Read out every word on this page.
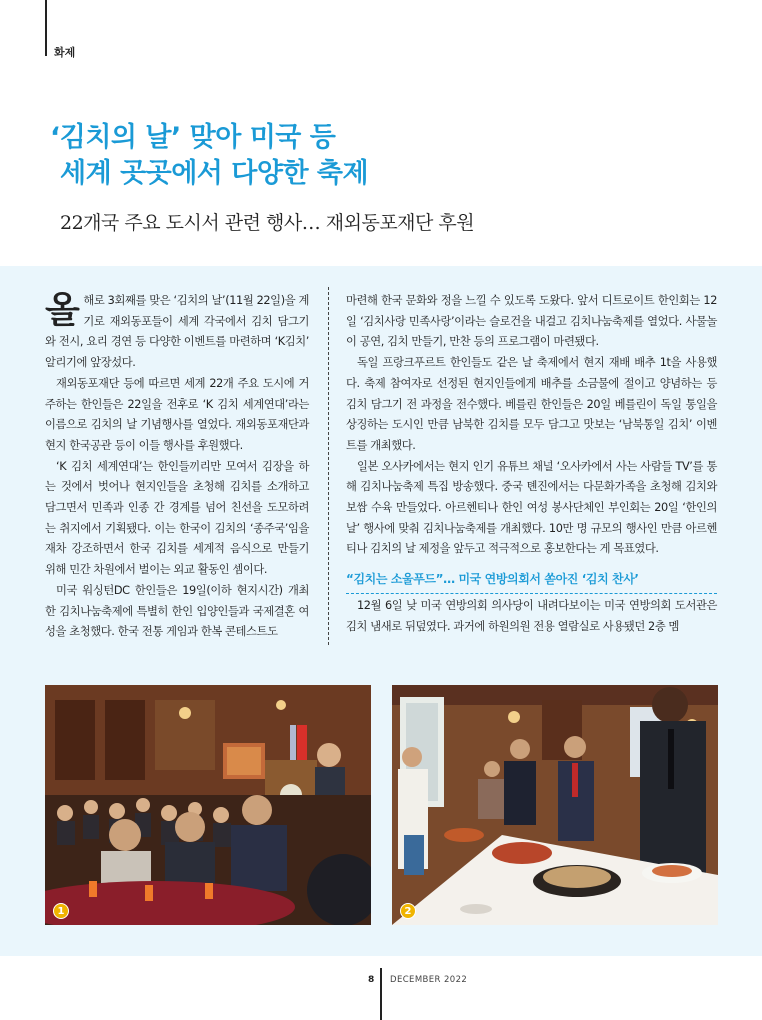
화제
‘김치의 날’ 맞아 미국 등
세계 곳곳에서 다양한 축제
22개국 주요 도시서 관련 행사… 재외동포재단 후원

올해로 3회째를 맞은 ‘김치의 날’(11월 22일)을 계기로 재외동포들이 세계 각국에서 김치 담그기와 전시, 요리 경연 등 다양한 이벤트를 마련하며 ‘K김치’ 알리기에 앞장섰다.

재외동포재단 등에 따르면 세계 22개 주요 도시에 거주하는 한인들은 22일을 전후로 ‘K 김치 세계연대’라는 이름으로 김치의 날 기념행사를 열었다. 재외동포재단과 현지 한국공관 등이 이들 행사를 후원했다.

‘K 김치 세계연대’는 한인들끼리만 모여서 김장을 하는 것에서 벗어나 현지인들을 초청해 김치를 소개하고 담그면서 민족과 인종 간 경계를 넘어 친선을 도모하려는 취지에서 기획됐다. 이는 한국이 김치의 ‘종주국’임을 재차 강조하면서 한국 김치를 세계적 음식으로 만들기 위해 민간 차원에서 벌이는 외교 활동인 셈이다.

미국 워싱턴DC 한인들은 19일(이하 현지시간) 개최한 김치나눔축제에 특별히 한인 입양인들과 국제결혼 여성을 초청했다. 한국 전통 게임과 한복 콘테스트도

마련해 한국 문화와 정을 느낄 수 있도록 도왔다. 앞서 디트로이트 한인회는 12일 ‘김치사랑 민족사랑’이라는 슬로건을 내걸고 김치나눔축제를 열었다. 사물놀이 공연, 김치 만들기, 만찬 등의 프로그램이 마련됐다.

독일 프랑크푸르트 한인들도 같은 날 축제에서 현지 재배 배추 1t을 사용했다. 축제 참여자로 선정된 현지인들에게 배추를 소금물에 절이고 양념하는 등 김치 담그기 전 과정을 전수했다. 베를린 한인들은 20일 베를린이 독일 통일을 상징하는 도시인 만큼 남북한 김치를 모두 담그고 맛보는 ‘남북통일 김치’ 이벤트를 개최했다.

일본 오사카에서는 현지 인기 유튜브 채널 ‘오사카에서 사는 사람들 TV’를 통해 김치나눔축제 특집 방송했다. 중국 톈진에서는 다문화가족을 초청해 김치와 보쌈 수육 만들었다. 아르헨티나 한인 여성 봉사단체인 부인회는 20일 ‘한인의 날’ 행사에 맞춰 김치나눔축제를 개최했다. 10만 명 규모의 행사인 만큼 아르헨티나 김치의 날 제정을 앞두고 적극적으로 홍보한다는 게 목표였다.

“김치는 소울푸드”… 미국 연방의회서 쏟아진 ‘김치 찬사’

12월 6일 낮 미국 연방의회 의사당이 내려다보이는 미국 연방의회 도서관은 김치 냄새로 뒤덮였다. 과거에 하원의원 전용 열람실로 사용됐던 2층 멤

1	2
8 DECEMBER 2022
